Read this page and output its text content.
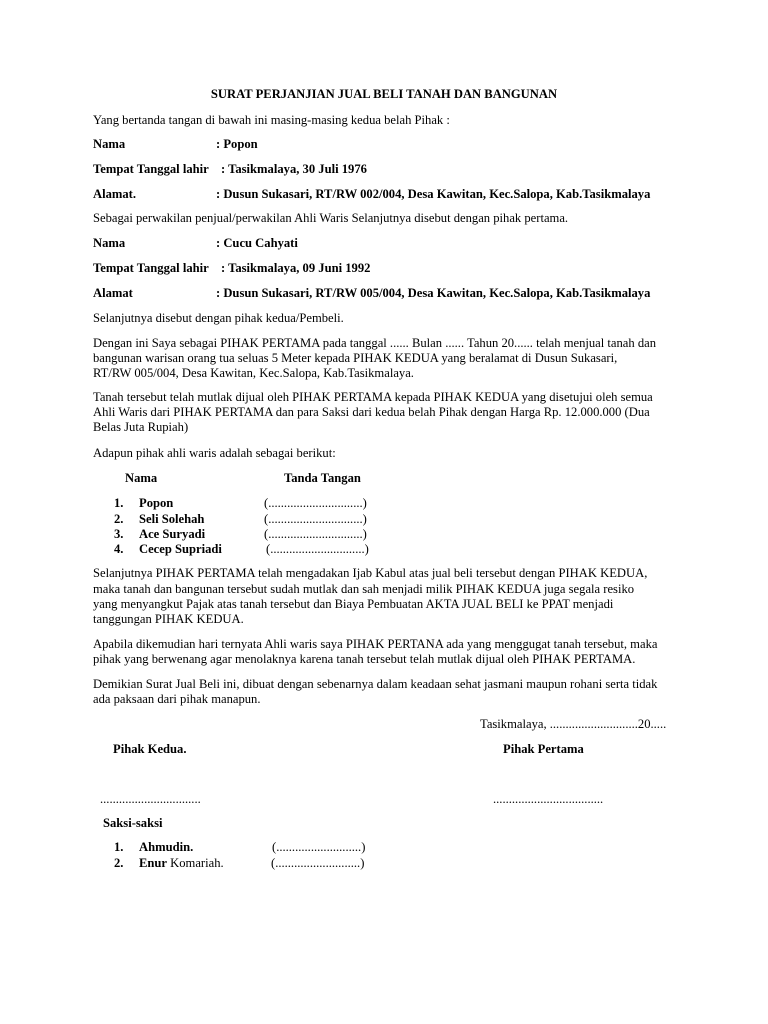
SURAT PERJANJIAN JUAL BELI TANAH DAN BANGUNAN
Yang bertanda tangan di bawah ini masing-masing kedua belah Pihak :
Nama	: Popon
Tempat Tanggal lahir : Tasikmalaya, 30 Juli 1976
Alamat.	: Dusun Sukasari, RT/RW 002/004, Desa Kawitan, Kec.Salopa, Kab.Tasikmalaya
Sebagai perwakilan penjual/perwakilan Ahli Waris Selanjutnya disebut dengan pihak pertama.
Nama	: Cucu Cahyati
Tempat Tanggal lahir : Tasikmalaya, 09 Juni 1992
Alamat	: Dusun Sukasari, RT/RW 005/004, Desa Kawitan, Kec.Salopa, Kab.Tasikmalaya
Selanjutnya disebut dengan pihak kedua/Pembeli.
Dengan ini Saya sebagai PIHAK PERTAMA pada tanggal ...... Bulan ...... Tahun 20...... telah menjual tanah dan
bangunan warisan orang tua seluas 5 Meter kepada PIHAK KEDUA yang beralamat di Dusun Sukasari,
RT/RW 005/004, Desa Kawitan, Kec.Salopa, Kab.Tasikmalaya.
Tanah tersebut telah mutlak dijual oleh PIHAK PERTAMA kepada PIHAK KEDUA yang disetujui oleh semua
Ahli Waris dari PIHAK PERTAMA dan para Saksi dari kedua belah Pihak dengan Harga Rp. 12.000.000 (Dua
Belas Juta Rupiah)
Adapun pihak ahli waris adalah sebagai berikut:
Nama	Tanda Tangan
1. Popon	(..............................)
2. Seli Solehah	(..............................)
3. Ace Suryadi	(..............................)
4. Cecep Supriadi	(..............................)
Selanjutnya PIHAK PERTAMA telah mengadakan Ijab Kabul atas jual beli tersebut dengan PIHAK KEDUA,
maka tanah dan bangunan tersebut sudah mutlak dan sah menjadi milik PIHAK KEDUA juga segala resiko
yang menyangkut Pajak atas tanah tersebut dan Biaya Pembuatan AKTA JUAL BELI ke PPAT menjadi
tanggungan PIHAK KEDUA.
Apabila dikemudian hari ternyata Ahli waris saya PIHAK PERTANA ada yang menggugat tanah tersebut, maka
pihak yang berwenang agar menolaknya karena tanah tersebut telah mutlak dijual oleh PIHAK PERTAMA.
Demikian Surat Jual Beli ini, dibuat dengan sebenarnya dalam keadaan sehat jasmani maupun rohani serta tidak
ada paksaan dari pihak manapun.
Tasikmalaya, ............................20.....
Pihak Kedua.	Pihak Pertama
................................	...................................
Saksi-saksi
1. Ahmudin.	(...........................)
2. Enur Komariah.	(...........................)
